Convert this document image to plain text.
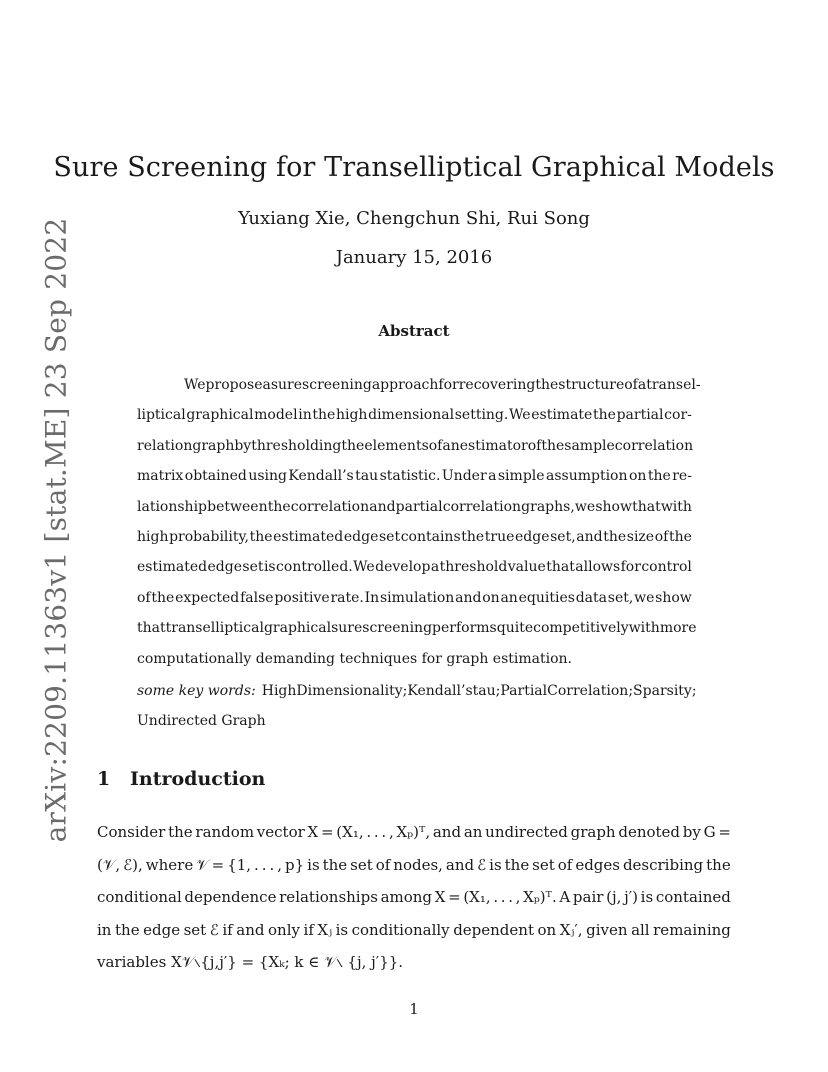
arXiv:2209.11363v1 [stat.ME] 23 Sep 2022
Sure Screening for Transelliptical Graphical Models
Yuxiang Xie, Chengchun Shi, Rui Song
January 15, 2016
Abstract
We propose a sure screening approach for recovering the structure of a transel-
liptical graphical model in the high dimensional setting. We estimate the partial cor-
relation graph by thresholding the elements of an estimator of the sample correlation
matrix obtained using Kendall’s tau statistic. Under a simple assumption on the re-
lationship between the correlation and partial correlation graphs, we show that with
high probability, the estimated edge set contains the true edge set, and the size of the
estimated edge set is controlled. We develop a threshold value that allows for control
of the expected false positive rate. In simulation and on an equities data set, we show
that transelliptical graphical sure screening performs quite competitively with more
computationally demanding techniques for graph estimation.
some key words: High Dimensionality; Kendall’s tau; Partial Correlation; Sparsity;
Undirected Graph
1 Introduction
Consider the random vector X = (X₁, . . . , Xₚ)ᵀ, and an undirected graph denoted by G =
(𝒱, ℰ), where 𝒱 = {1, . . . , p} is the set of nodes, and ℰ is the set of edges describing the
conditional dependence relationships among X = (X₁, . . . , Xₚ)ᵀ. A pair (j, j′) is contained
in the edge set ℰ if and only if Xⱼ is conditionally dependent on Xⱼ′, given all remaining
variables X𝒱∖{j,j′} = {Xₖ; k ∈ 𝒱∖ {j, j′}}.
1
